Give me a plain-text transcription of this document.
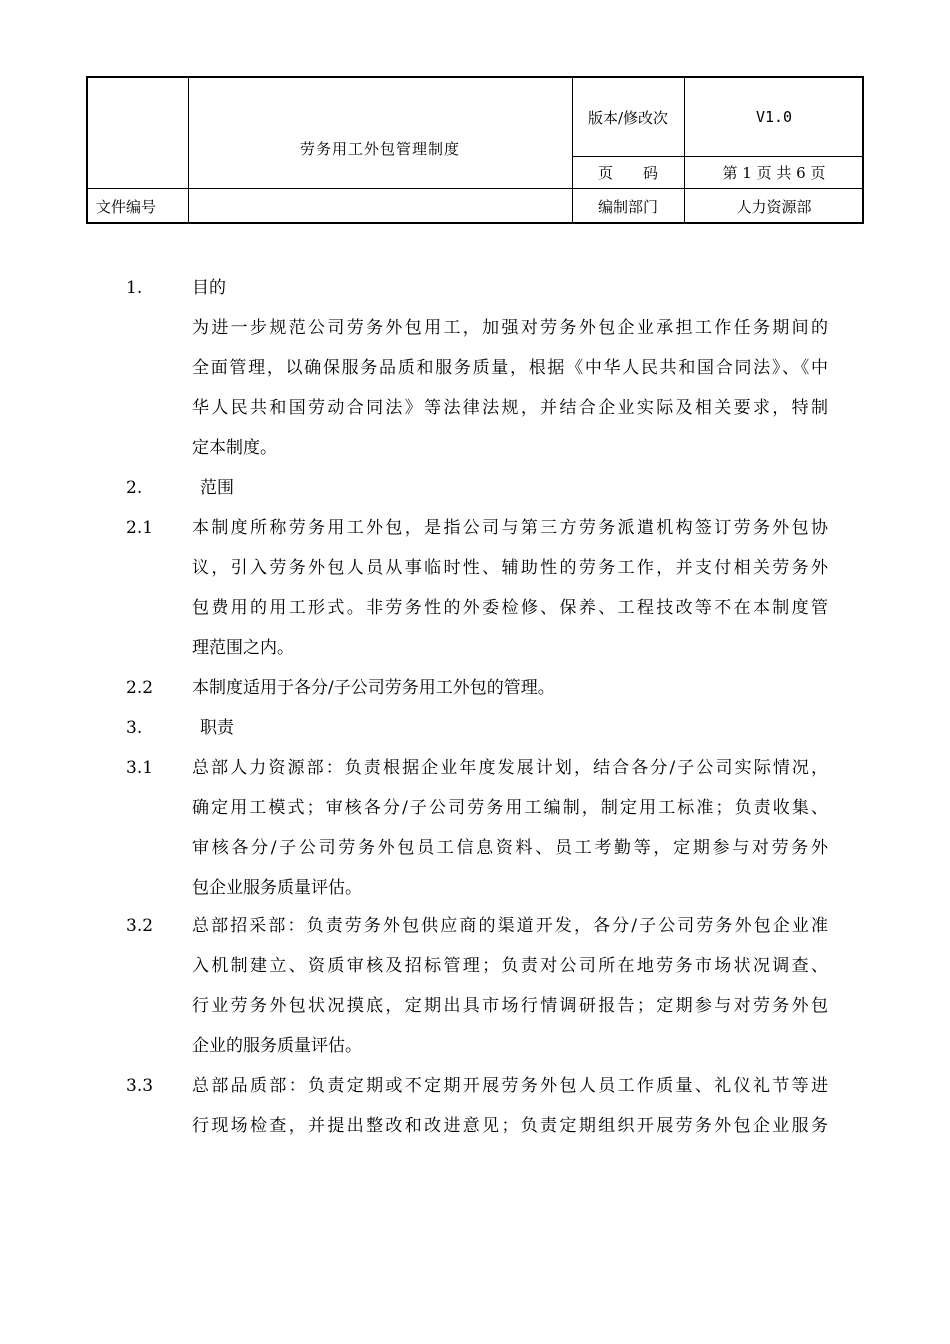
劳务用工外包管理制度
版本/修改次	V1.0
页　　码	第 1 页 共 6 页
文件编号	编制部门	人力资源部
1.	目的
为进一步规范公司劳务外包用工，加强对劳务外包企业承担工作任务期间的
全面管理，以确保服务品质和服务质量，根据《中华人民共和国合同法》、《中
华人民共和国劳动合同法》等法律法规，并结合企业实际及相关要求，特制
定本制度。
2.	范围
2.1	本制度所称劳务用工外包，是指公司与第三方劳务派遣机构签订劳务外包协
议，引入劳务外包人员从事临时性、辅助性的劳务工作，并支付相关劳务外
包费用的用工形式。非劳务性的外委检修、保养、工程技改等不在本制度管
理范围之内。
2.2	本制度适用于各分/子公司劳务用工外包的管理。
3.	职责
3.1	总部人力资源部：负责根据企业年度发展计划，结合各分/子公司实际情况，
确定用工模式；审核各分/子公司劳务用工编制，制定用工标准；负责收集、
审核各分/子公司劳务外包员工信息资料、员工考勤等，定期参与对劳务外
包企业服务质量评估。
3.2	总部招采部：负责劳务外包供应商的渠道开发，各分/子公司劳务外包企业准
入机制建立、资质审核及招标管理；负责对公司所在地劳务市场状况调查、
行业劳务外包状况摸底，定期出具市场行情调研报告；定期参与对劳务外包
企业的服务质量评估。
3.3	总部品质部：负责定期或不定期开展劳务外包人员工作质量、礼仪礼节等进
行现场检查，并提出整改和改进意见；负责定期组织开展劳务外包企业服务
